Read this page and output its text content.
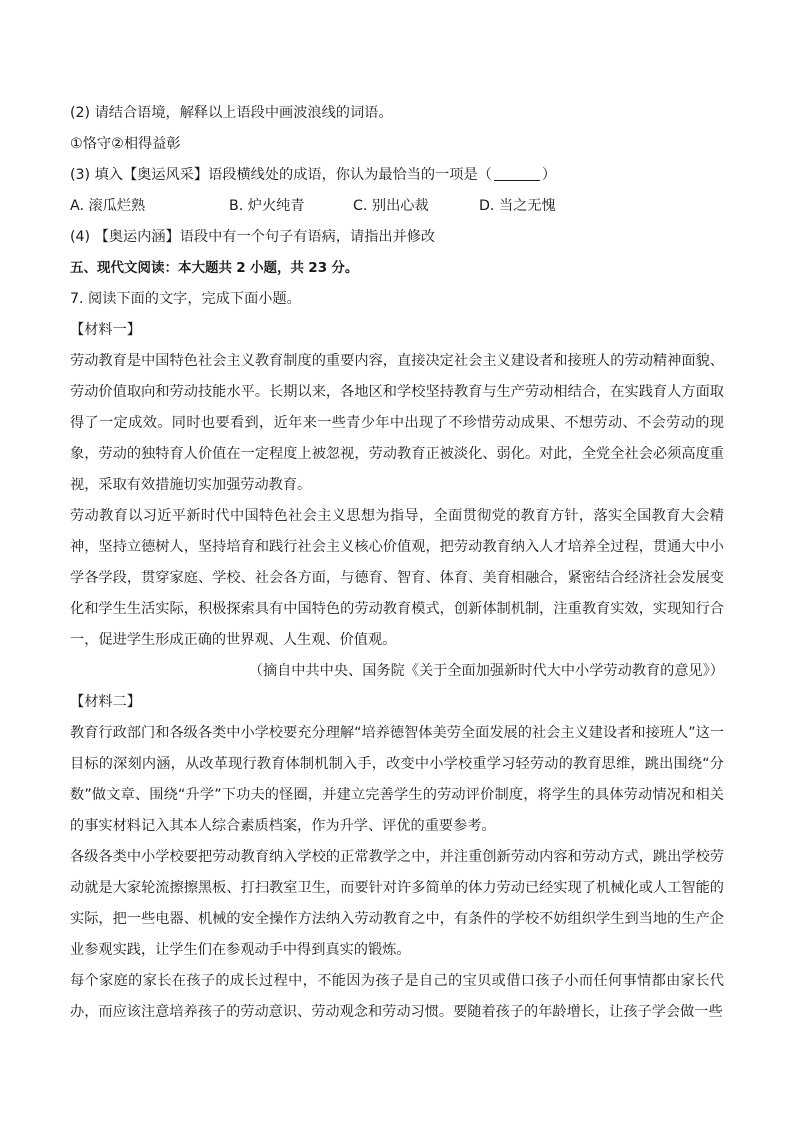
(2) 请结合语境，解释以上语段中画波浪线的词语。

①恪守②相得益彰

(3) 填入【奥运风采】语段横线处的成语，你认为最恰当的一项是（	）

A. 滚瓜烂熟	B. 炉火纯青	C. 别出心裁	D. 当之无愧

(4) 【奥运内涵】语段中有一个句子有语病，请指出并修改

五、现代文阅读：本大题共 2 小题，共 23 分。

7. 阅读下面的文字，完成下面小题。

【材料一】

劳动教育是中国特色社会主义教育制度的重要内容，直接决定社会主义建设者和接班人的劳动精神面貌、劳动价值取向和劳动技能水平。长期以来，各地区和学校坚持教育与生产劳动相结合，在实践育人方面取得了一定成效。同时也要看到，近年来一些青少年中出现了不珍惜劳动成果、不想劳动、不会劳动的现象，劳动的独特育人价值在一定程度上被忽视，劳动教育正被淡化、弱化。对此，全党全社会必须高度重视，采取有效措施切实加强劳动教育。

劳动教育以习近平新时代中国特色社会主义思想为指导，全面贯彻党的教育方针，落实全国教育大会精神，坚持立德树人，坚持培育和践行社会主义核心价值观，把劳动教育纳入人才培养全过程，贯通大中小学各学段，贯穿家庭、学校、社会各方面，与德育、智育、体育、美育相融合，紧密结合经济社会发展变化和学生生活实际，积极探索具有中国特色的劳动教育模式，创新体制机制，注重教育实效，实现知行合一，促进学生形成正确的世界观、人生观、价值观。

（摘自中共中央、国务院《关于全面加强新时代大中小学劳动教育的意见》）

【材料二】

教育行政部门和各级各类中小学校要充分理解“培养德智体美劳全面发展的社会主义建设者和接班人”这一目标的深刻内涵，从改革现行教育体制机制入手，改变中小学校重学习轻劳动的教育思维，跳出围绕“分数”做文章、围绕“升学”下功夫的怪圈，并建立完善学生的劳动评价制度，将学生的具体劳动情况和相关的事实材料记入其本人综合素质档案，作为升学、评优的重要参考。

各级各类中小学校要把劳动教育纳入学校的正常教学之中，并注重创新劳动内容和劳动方式，跳出学校劳动就是大家轮流擦擦黑板、打扫教室卫生，而要针对许多简单的体力劳动已经实现了机械化或人工智能的实际，把一些电器、机械的安全操作方法纳入劳动教育之中，有条件的学校不妨组织学生到当地的生产企业参观实践，让学生们在参观动手中得到真实的锻炼。

每个家庭的家长在孩子的成长过程中，不能因为孩子是自己的宝贝或借口孩子小而任何事情都由家长代办，而应该注意培养孩子的劳动意识、劳动观念和劳动习惯。要随着孩子的年龄增长，让孩子学会做一些
